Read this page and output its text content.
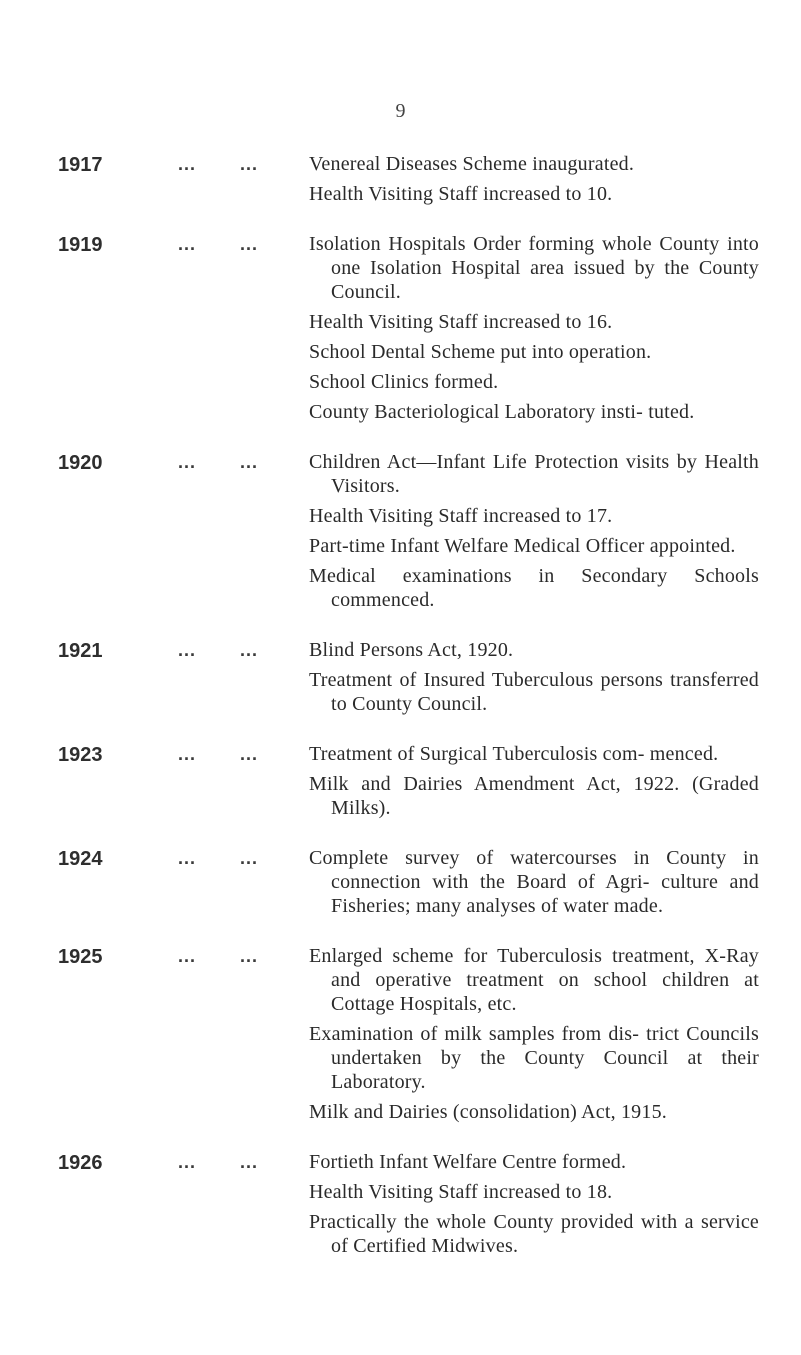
9
1917	... ...	Venereal Diseases Scheme inaugurated.

Health Visiting Staff increased to 10.

1919	... ...	Isolation Hospitals Order forming whole County into one Isolation Hospital area issued by the County Council.

Health Visiting Staff increased to 16.

School Dental Scheme put into operation.

School Clinics formed.

County Bacteriological Laboratory insti- tuted.

1920	... ...	Children Act—Infant Life Protection visits by Health Visitors.

Health Visiting Staff increased to 17.

Part-time Infant Welfare Medical Officer appointed.

Medical examinations in Secondary Schools commenced.

1921	... ...	Blind Persons Act, 1920.

Treatment of Insured Tuberculous persons transferred to County Council.

1923	... ...	Treatment of Surgical Tuberculosis com- menced.

Milk and Dairies Amendment Act, 1922. (Graded Milks).

1924	... ...	Complete survey of watercourses in County in connection with the Board of Agri- culture and Fisheries; many analyses of water made.

1925	... ...	Enlarged scheme for Tuberculosis treatment, X-Ray and operative treatment on school children at Cottage Hospitals, etc.

Examination of milk samples from dis- trict Councils undertaken by the County Council at their Laboratory.

Milk and Dairies (consolidation) Act, 1915.

1926	... ...	Fortieth Infant Welfare Centre formed.

Health Visiting Staff increased to 18.

Practically the whole County provided with a service of Certified Midwives.
